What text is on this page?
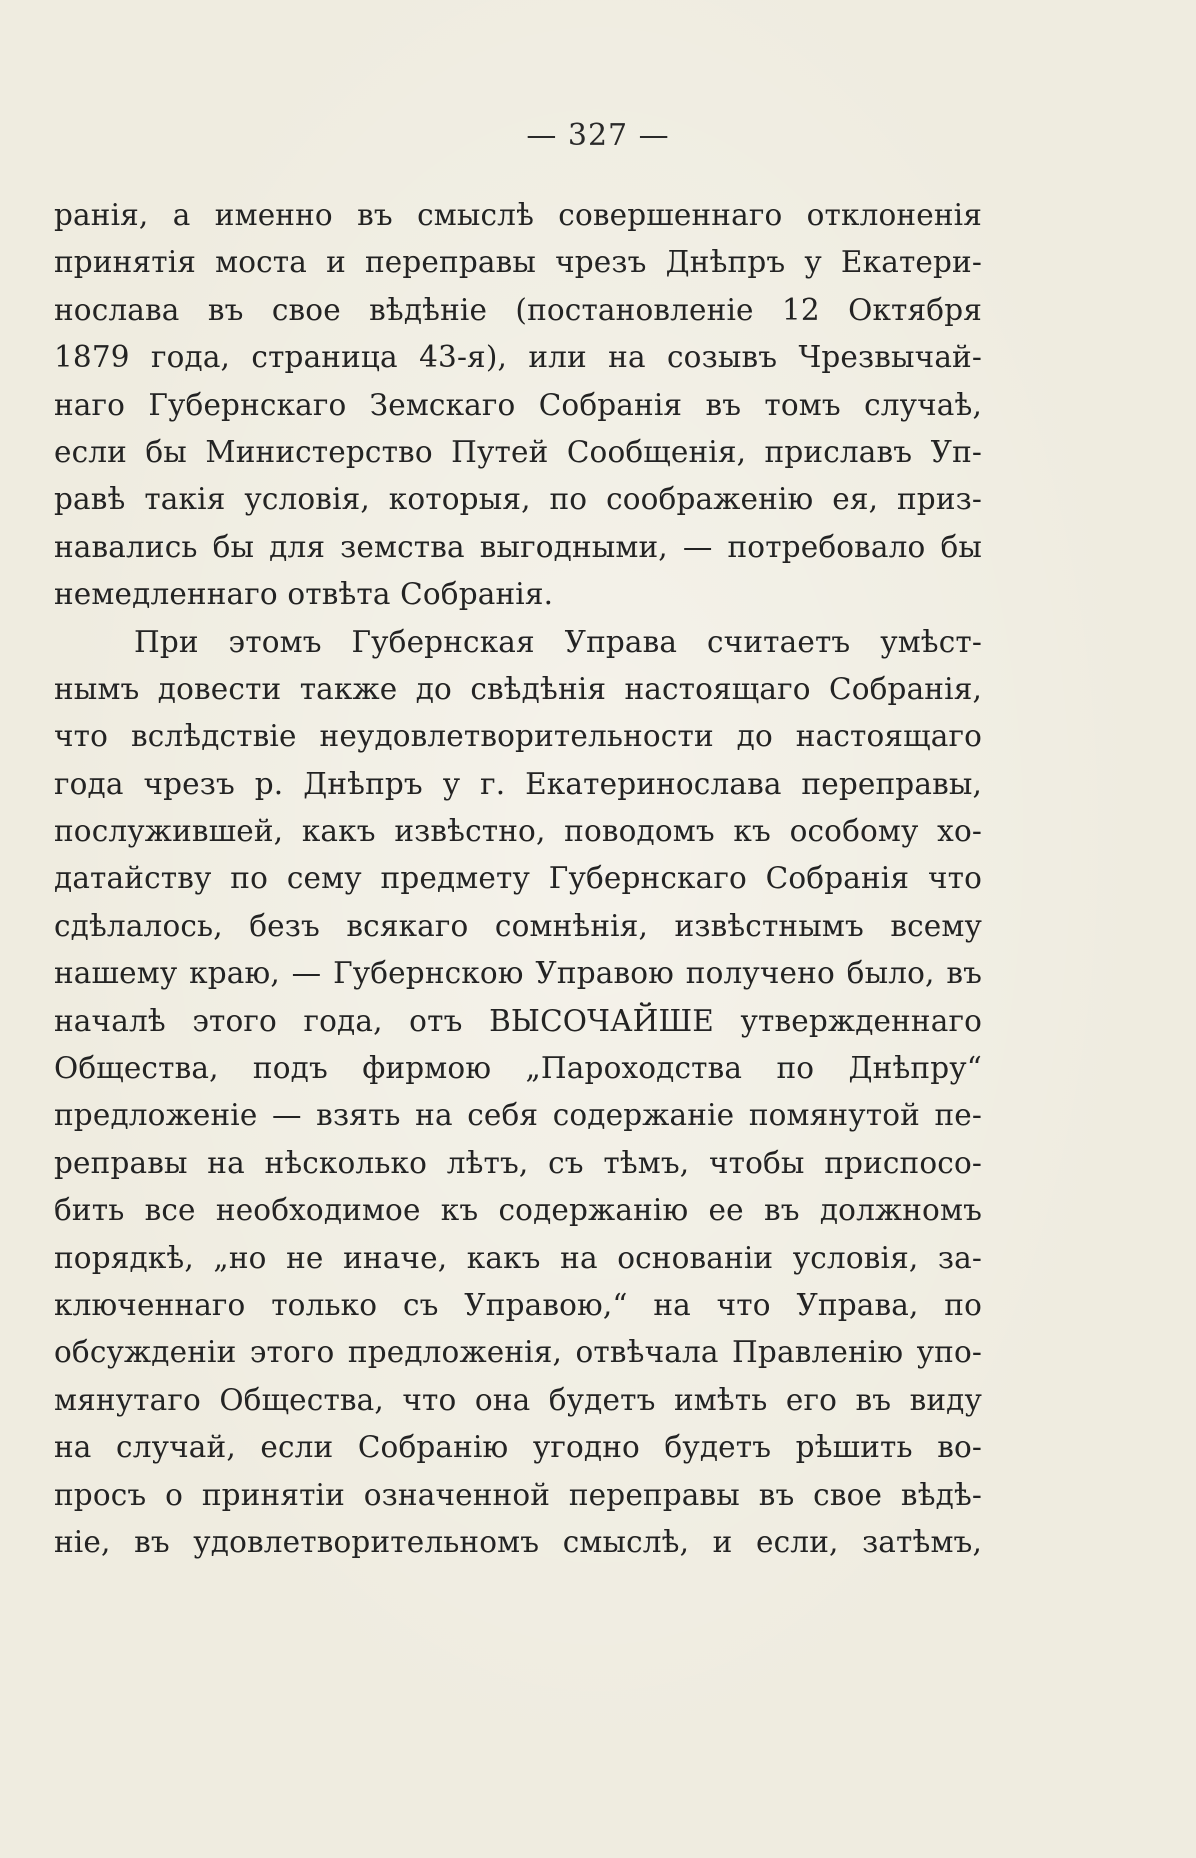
— 327 —
ранія, а именно въ смыслѣ совершеннаго отклоненія
принятія моста и переправы чрезъ Днѣпръ у Екатери-
нослава въ свое вѣдѣніе (постановленіе 12 Октября
1879 года, страница 43-я), или на созывъ Чрезвычай-
наго Губернскаго Земскаго Собранія въ томъ случаѣ,
если бы Министерство Путей Сообщенія, приславъ Уп-
равѣ такія условія, которыя, по соображенію ея, приз-
навались бы для земства выгодными, — потребовало бы
немедленнаго отвѣта Собранія.
При этомъ Губернская Управа считаетъ умѣст-
нымъ довести также до свѣдѣнія настоящаго Собранія,
что вслѣдствіе неудовлетворительности до настоящаго
года чрезъ р. Днѣпръ у г. Екатеринослава переправы,
послужившей, какъ извѣстно, поводомъ къ особому хо-
датайству по сему предмету Губернскаго Собранія что
сдѣлалось, безъ всякаго сомнѣнія, извѣстнымъ всему
нашему краю, — Губернскою Управою получено было, въ
началѣ этого года, отъ ВЫСОЧАЙШЕ утвержденнаго
Общества, подъ фирмою „Пароходства по Днѣпру“
предложеніе — взять на себя содержаніе помянутой пе-
реправы на нѣсколько лѣтъ, съ тѣмъ, чтобы приспосо-
бить все необходимое къ содержанію ее въ должномъ
порядкѣ, „но не иначе, какъ на основаніи условія, за-
ключеннаго только съ Управою,“ на что Управа, по
обсужденіи этого предложенія, отвѣчала Правленію упо-
мянутаго Общества, что она будетъ имѣть его въ виду
на случай, если Собранію угодно будетъ рѣшить во-
просъ о принятіи означенной переправы въ свое вѣдѣ-
ніе, въ удовлетворительномъ смыслѣ, и если, затѣмъ,
